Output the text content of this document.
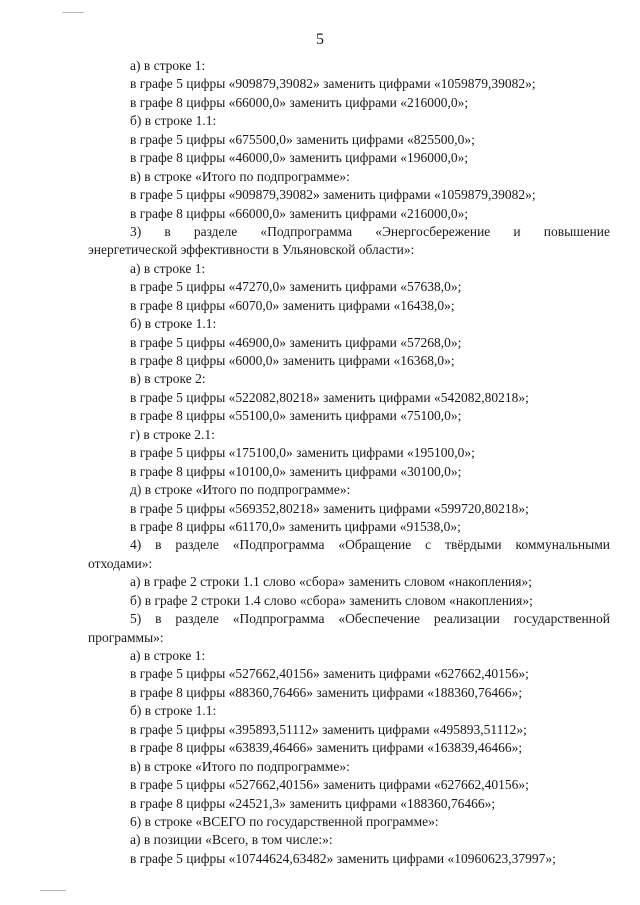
5
а) в строке 1:
в графе 5 цифры «909879,39082» заменить цифрами «1059879,39082»;
в графе 8 цифры «66000,0» заменить цифрами «216000,0»;
б) в строке 1.1:
в графе 5 цифры «675500,0» заменить цифрами «825500,0»;
в графе 8 цифры «46000,0» заменить цифрами «196000,0»;
в) в строке «Итого по подпрограмме»:
в графе 5 цифры «909879,39082» заменить цифрами «1059879,39082»;
в графе 8 цифры «66000,0» заменить цифрами «216000,0»;
3) в разделе «Подпрограмма «Энергосбережение и повышение
энергетической эффективности в Ульяновской области»:
а) в строке 1:
в графе 5 цифры «47270,0» заменить цифрами «57638,0»;
в графе 8 цифры «6070,0» заменить цифрами «16438,0»;
б) в строке 1.1:
в графе 5 цифры «46900,0» заменить цифрами «57268,0»;
в графе 8 цифры «6000,0» заменить цифрами «16368,0»;
в) в строке 2:
в графе 5 цифры «522082,80218» заменить цифрами «542082,80218»;
в графе 8 цифры «55100,0» заменить цифрами «75100,0»;
г) в строке 2.1:
в графе 5 цифры «175100,0» заменить цифрами «195100,0»;
в графе 8 цифры «10100,0» заменить цифрами «30100,0»;
д) в строке «Итого по подпрограмме»:
в графе 5 цифры «569352,80218» заменить цифрами «599720,80218»;
в графе 8 цифры «61170,0» заменить цифрами «91538,0»;
4) в разделе «Подпрограмма «Обращение с твёрдыми коммунальными
отходами»:
а) в графе 2 строки 1.1 слово «сбора» заменить словом «накопления»;
б) в графе 2 строки 1.4 слово «сбора» заменить словом «накопления»;
5) в разделе «Подпрограмма «Обеспечение реализации государственной
программы»:
а) в строке 1:
в графе 5 цифры «527662,40156» заменить цифрами «627662,40156»;
в графе 8 цифры «88360,76466» заменить цифрами «188360,76466»;
б) в строке 1.1:
в графе 5 цифры «395893,51112» заменить цифрами «495893,51112»;
в графе 8 цифры «63839,46466» заменить цифрами «163839,46466»;
в) в строке «Итого по подпрограмме»:
в графе 5 цифры «527662,40156» заменить цифрами «627662,40156»;
в графе 8 цифры «24521,3» заменить цифрами «188360,76466»;
6) в строке «ВСЕГО по государственной программе»:
а) в позиции «Всего, в том числе:»:
в графе 5 цифры «10744624,63482» заменить цифрами «10960623,37997»;
